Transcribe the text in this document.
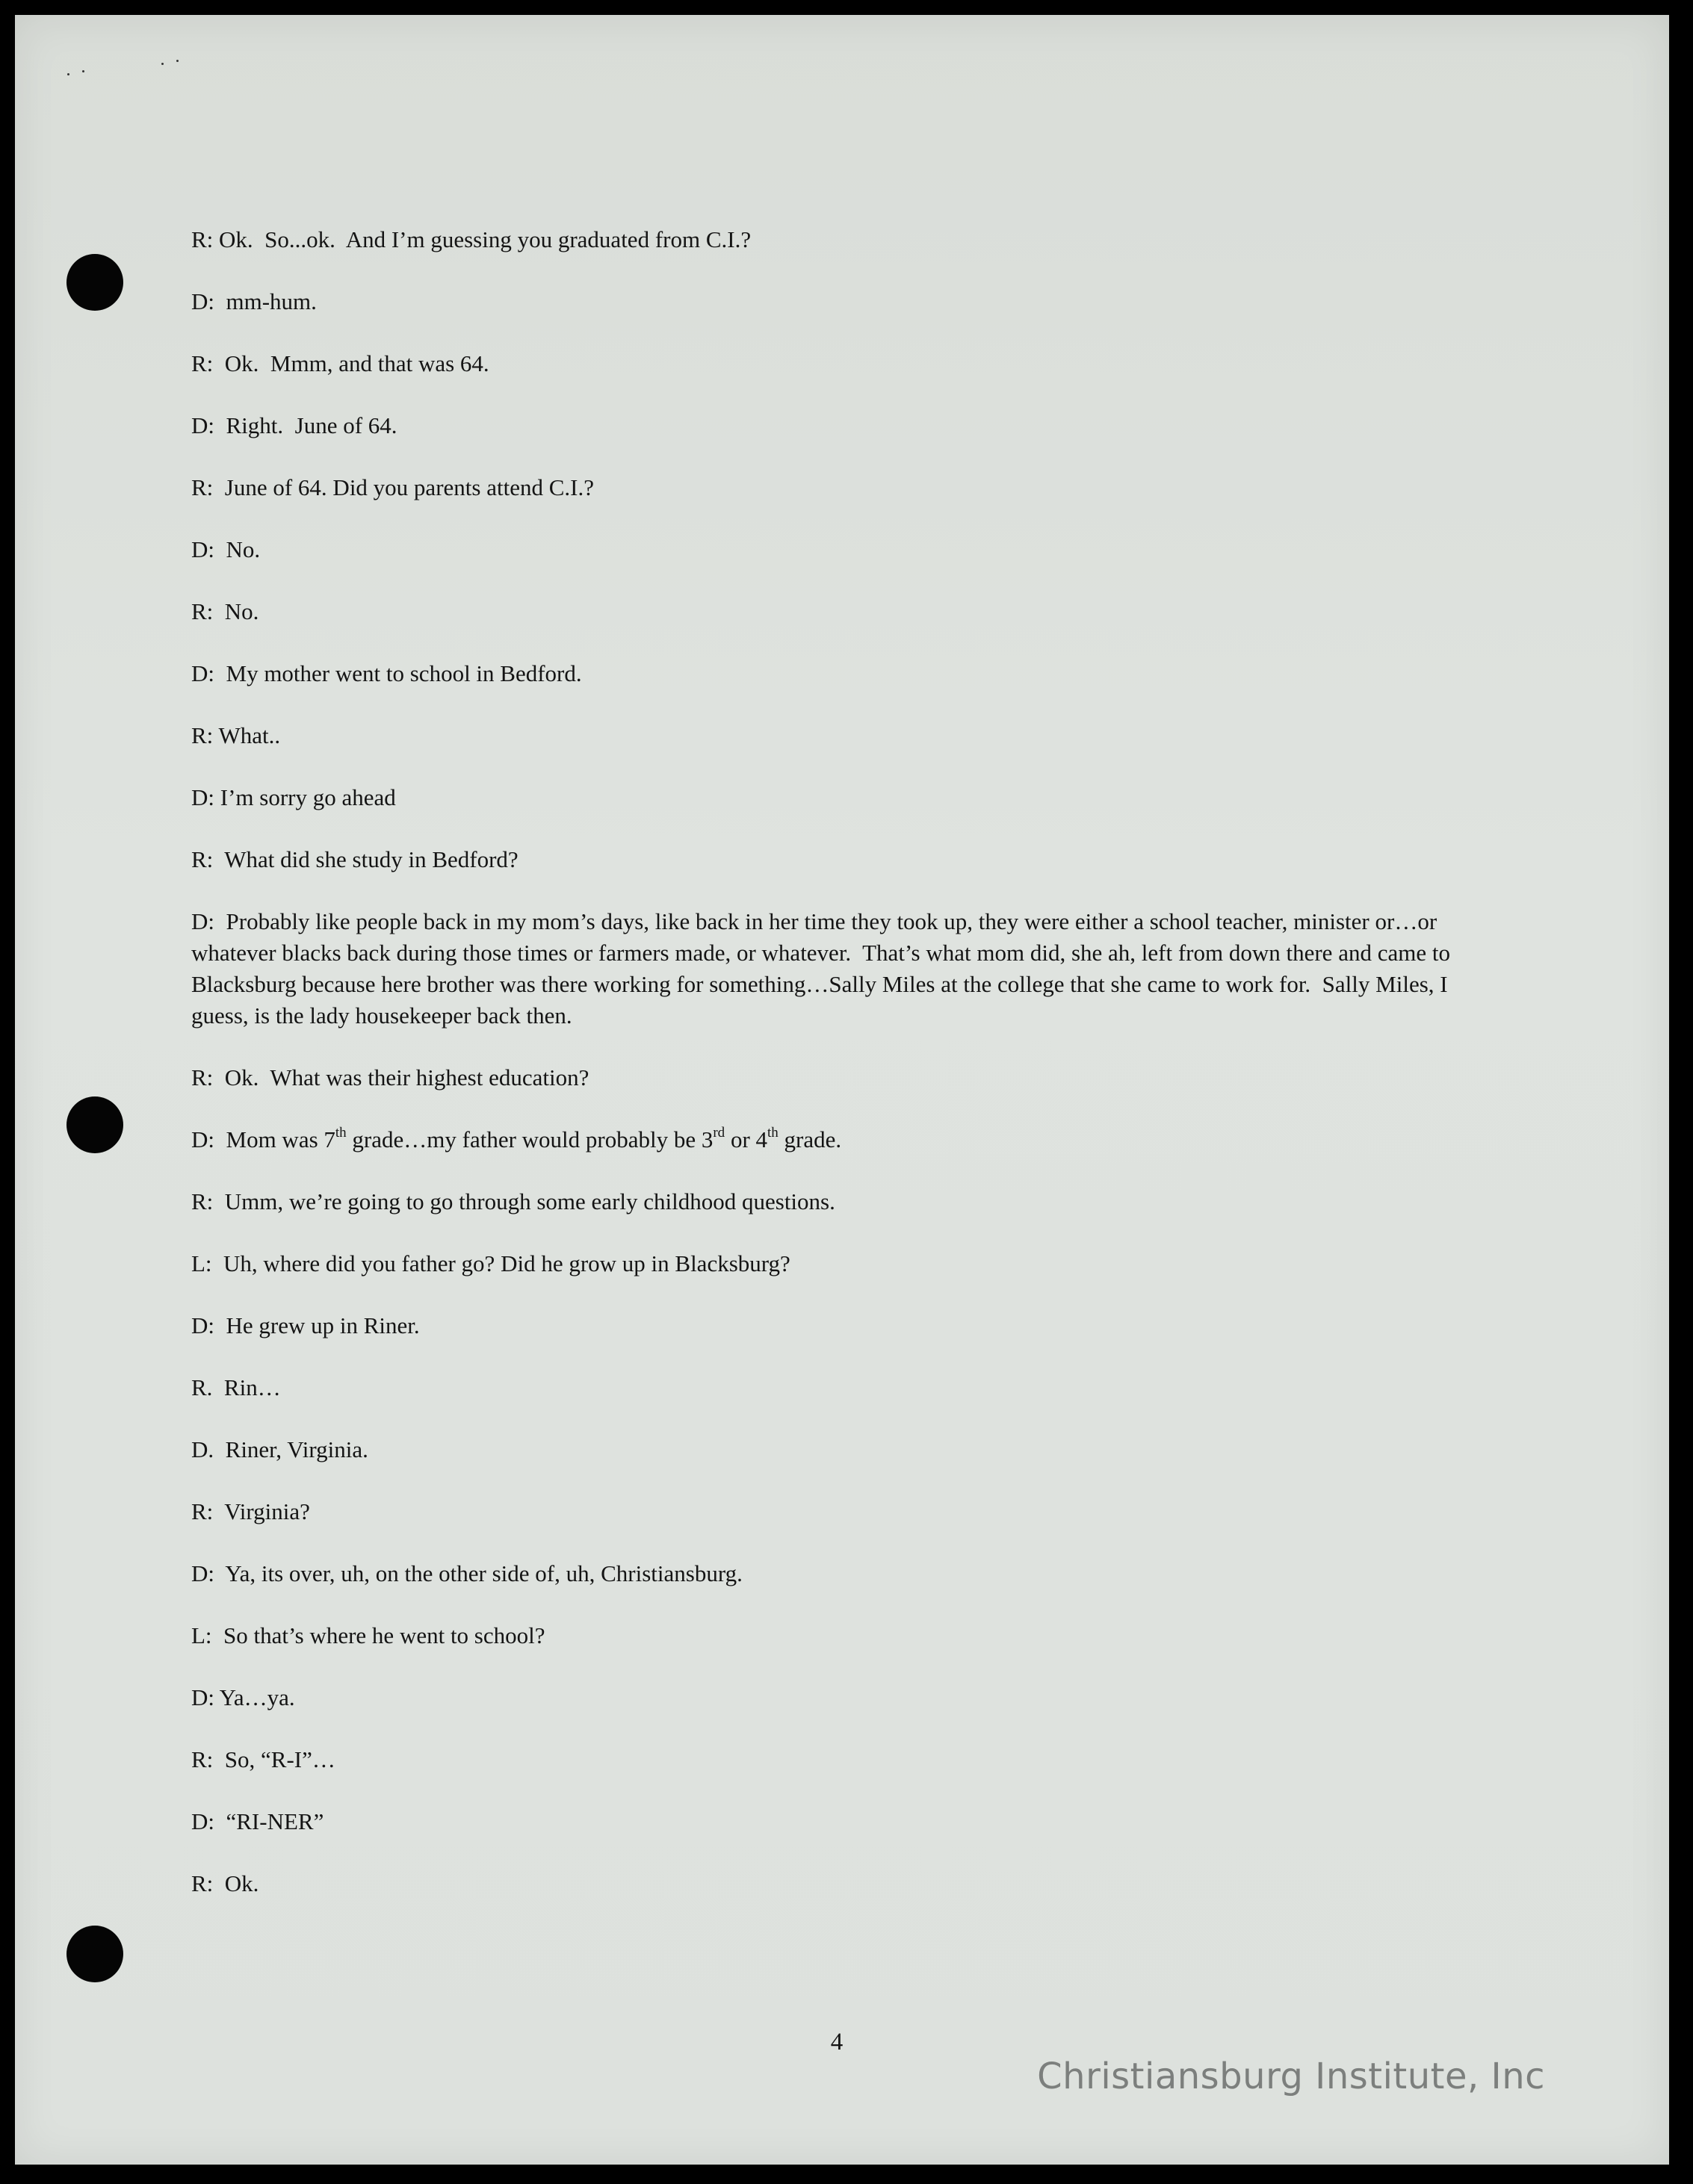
R: Ok.  So...ok.  And I’m guessing you graduated from C.I.?
D:  mm-hum.
R:  Ok.  Mmm, and that was 64.
D:  Right.  June of 64.
R:  June of 64. Did you parents attend C.I.?
D:  No.
R:  No.
D:  My mother went to school in Bedford.
R: What..
D: I’m sorry go ahead
R:  What did she study in Bedford?
D:  Probably like people back in my mom’s days, like back in her time they took up, they were either a school teacher, minister or…or whatever blacks back during those times or farmers made, or whatever.  That’s what mom did, she ah, left from down there and came to Blacksburg because here brother was there working for something…Sally Miles at the college that she came to work for.  Sally Miles, I guess, is the lady housekeeper back then.
R:  Ok.  What was their highest education?
D:  Mom was 7th grade…my father would probably be 3rd or 4th grade.
R:  Umm, we’re going to go through some early childhood questions.
L:  Uh, where did you father go? Did he grow up in Blacksburg?
D:  He grew up in Riner.
R.  Rin…
D.  Riner, Virginia.
R:  Virginia?
D:  Ya, its over, uh, on the other side of, uh, Christiansburg.
L:  So that’s where he went to school?
D: Ya…ya.
R:  So, “R-I”…
D:  “RI-NER”
R:  Ok.
4
Christiansburg Institute, Inc
